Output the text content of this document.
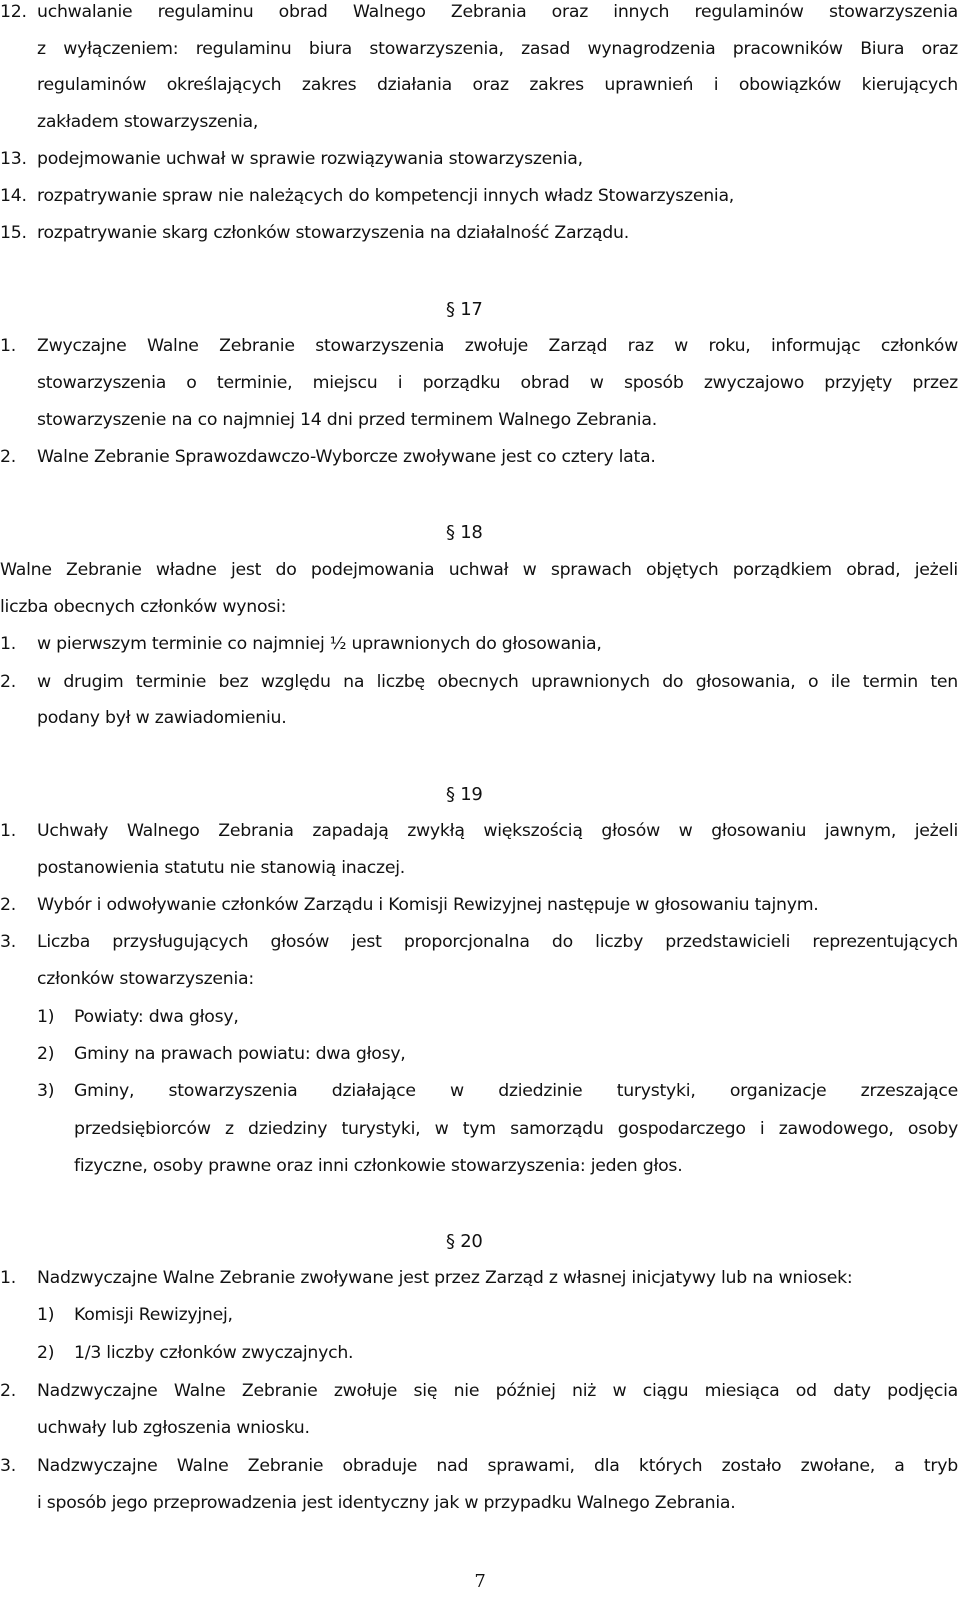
12. uchwalanie regulaminu obrad Walnego Zebrania oraz innych regulaminów stowarzyszenia
z wyłączeniem: regulaminu biura stowarzyszenia, zasad wynagrodzenia pracowników Biura oraz
regulaminów określających zakres działania oraz zakres uprawnień i obowiązków kierujących
zakładem stowarzyszenia,
13. podejmowanie uchwał w sprawie rozwiązywania stowarzyszenia,
14. rozpatrywanie spraw nie należących do kompetencji innych władz Stowarzyszenia,
15. rozpatrywanie skarg członków stowarzyszenia na działalność Zarządu.
§ 17
1. Zwyczajne Walne Zebranie stowarzyszenia zwołuje Zarząd raz w roku, informując członków
stowarzyszenia o terminie, miejscu i porządku obrad w sposób zwyczajowo przyjęty przez
stowarzyszenie na co najmniej 14 dni przed terminem Walnego Zebrania.
2. Walne Zebranie Sprawozdawczo-Wyborcze zwoływane jest co cztery lata.
§ 18
Walne Zebranie władne jest do podejmowania uchwał w sprawach objętych porządkiem obrad, jeżeli
liczba obecnych członków wynosi:
1. w pierwszym terminie co najmniej ½ uprawnionych do głosowania,
2. w drugim terminie bez względu na liczbę obecnych uprawnionych do głosowania, o ile termin ten
podany był w zawiadomieniu.
§ 19
1. Uchwały Walnego Zebrania zapadają zwykłą większością głosów w głosowaniu jawnym, jeżeli
postanowienia statutu nie stanowią inaczej.
2. Wybór i odwoływanie członków Zarządu i Komisji Rewizyjnej następuje w głosowaniu tajnym.
3. Liczba przysługujących głosów jest proporcjonalna do liczby przedstawicieli reprezentujących
członków stowarzyszenia:
1) Powiaty: dwa głosy,
2) Gminy na prawach powiatu: dwa głosy,
3) Gminy, stowarzyszenia działające w dziedzinie turystyki, organizacje zrzeszające
przedsiębiorców z dziedziny turystyki, w tym samorządu gospodarczego i zawodowego, osoby
fizyczne, osoby prawne oraz inni członkowie stowarzyszenia: jeden głos.
§ 20
1. Nadzwyczajne Walne Zebranie zwoływane jest przez Zarząd z własnej inicjatywy lub na wniosek:
1) Komisji Rewizyjnej,
2) 1/3 liczby członków zwyczajnych.
2. Nadzwyczajne Walne Zebranie zwołuje się nie później niż w ciągu miesiąca od daty podjęcia
uchwały lub zgłoszenia wniosku.
3. Nadzwyczajne Walne Zebranie obraduje nad sprawami, dla których zostało zwołane, a tryb
i sposób jego przeprowadzenia jest identyczny jak w przypadku Walnego Zebrania.
7
